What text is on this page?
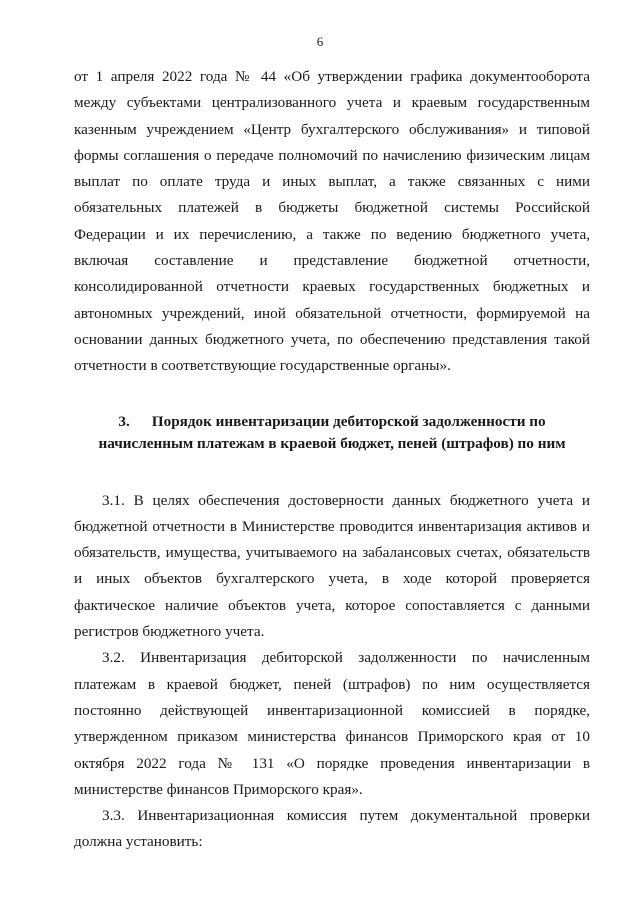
6

от 1 апреля 2022 года № 44 «Об утверждении графика документооборота между субъектами централизованного учета и краевым государственным казенным учреждением «Центр бухгалтерского обслуживания» и типовой формы соглашения о передаче полномочий по начислению физическим лицам выплат по оплате труда и иных выплат, а также связанных с ними обязательных платежей в бюджеты бюджетной системы Российской Федерации и их перечислению, а также по ведению бюджетного учета, включая составление и представление бюджетной отчетности, консолидированной отчетности краевых государственных бюджетных и автономных учреждений, иной обязательной отчетности, формируемой на основании данных бюджетного учета, по обеспечению представления такой отчетности в соответствующие государственные органы».

3. Порядок инвентаризации дебиторской задолженности по
начисленным платежам в краевой бюджет, пеней (штрафов) по ним

3.1. В целях обеспечения достоверности данных бюджетного учета и бюджетной отчетности в Министерстве проводится инвентаризация активов и обязательств, имущества, учитываемого на забалансовых счетах, обязательств и иных объектов бухгалтерского учета, в ходе которой проверяется фактическое наличие объектов учета, которое сопоставляется с данными регистров бюджетного учета.

3.2. Инвентаризация дебиторской задолженности по начисленным платежам в краевой бюджет, пеней (штрафов) по ним осуществляется постоянно действующей инвентаризационной комиссией в порядке, утвержденном приказом министерства финансов Приморского края от 10 октября 2022 года № 131 «О порядке проведения инвентаризации в министерстве финансов Приморского края».

3.3. Инвентаризационная комиссия путем документальной проверки должна установить:
